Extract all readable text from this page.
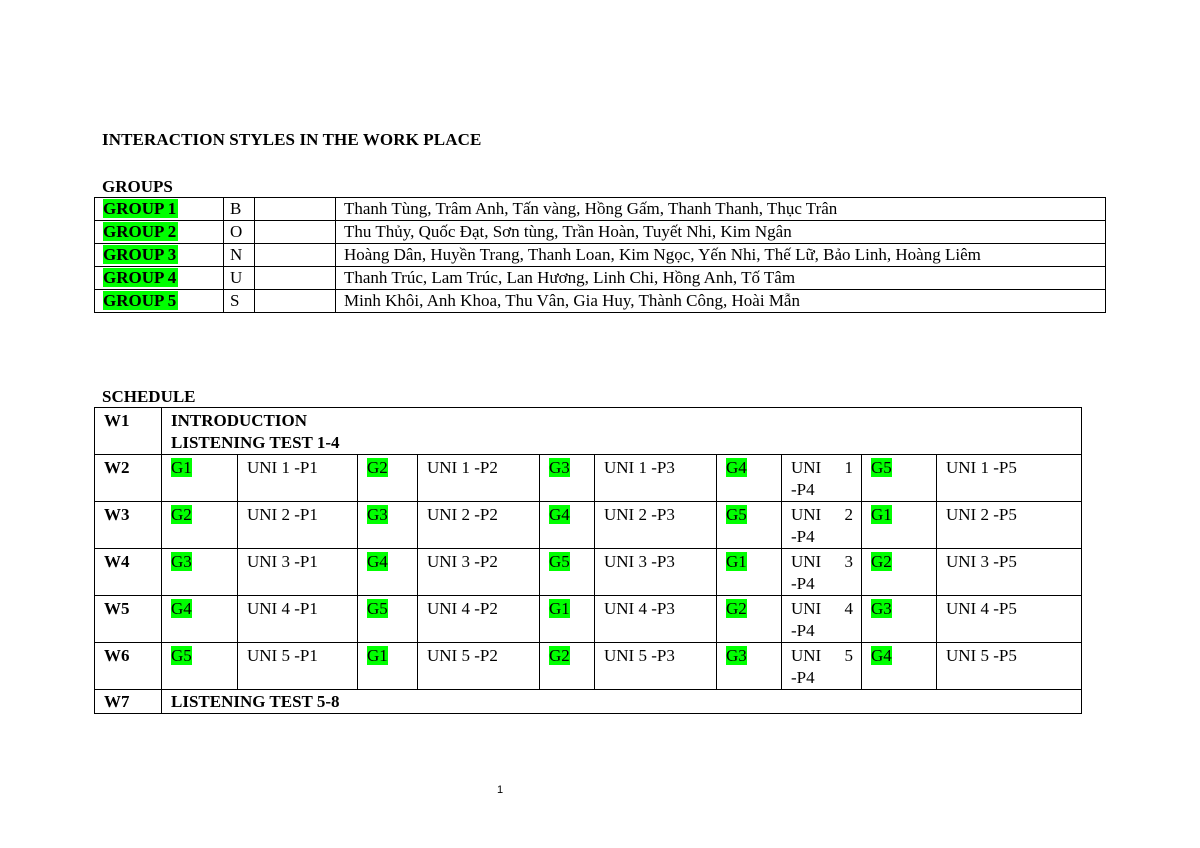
INTERACTION STYLES IN THE WORK PLACE
GROUPS
GROUP 1	B		Thanh Tùng, Trâm Anh, Tấn vàng, Hồng Gấm, Thanh Thanh, Thục Trân
GROUP 2	O		Thu Thủy, Quốc Đạt, Sơn tùng, Trần Hoàn, Tuyết Nhi, Kim Ngân
GROUP 3	N		Hoàng Dân, Huyền Trang, Thanh Loan, Kim Ngọc, Yến Nhi, Thế Lữ, Bảo Linh, Hoàng Liêm
GROUP 4	U		Thanh Trúc, Lam Trúc, Lan Hương, Linh Chi, Hồng Anh, Tố Tâm
GROUP 5	S		Minh Khôi, Anh Khoa, Thu Vân, Gia Huy, Thành Công, Hoài Mẫn
SCHEDULE
W1	INTRODUCTION
LISTENING TEST 1-4									

W2	G1	UNI 1 -P1	G2	UNI 1 -P2	G3	UNI 1 -P3	G4	UNI 1
-P4	G5	UNI 1 -P5
W3	G2	UNI 2 -P1	G3	UNI 2 -P2	G4	UNI 2 -P3	G5	UNI 2
-P4	G1	UNI 2 -P5
W4	G3	UNI 3 -P1	G4	UNI 3 -P2	G5	UNI 3 -P3	G1	UNI 3
-P4	G2	UNI 3 -P5
W5	G4	UNI 4 -P1	G5	UNI 4 -P2	G1	UNI 4 -P3	G2	UNI 4
-P4	G3	UNI 4 -P5
W6	G5	UNI 5 -P1	G1	UNI 5 -P2	G2	UNI 5 -P3	G3	UNI 5
-P4	G4	UNI 5 -P5
W7	LISTENING TEST 5-8									
1
